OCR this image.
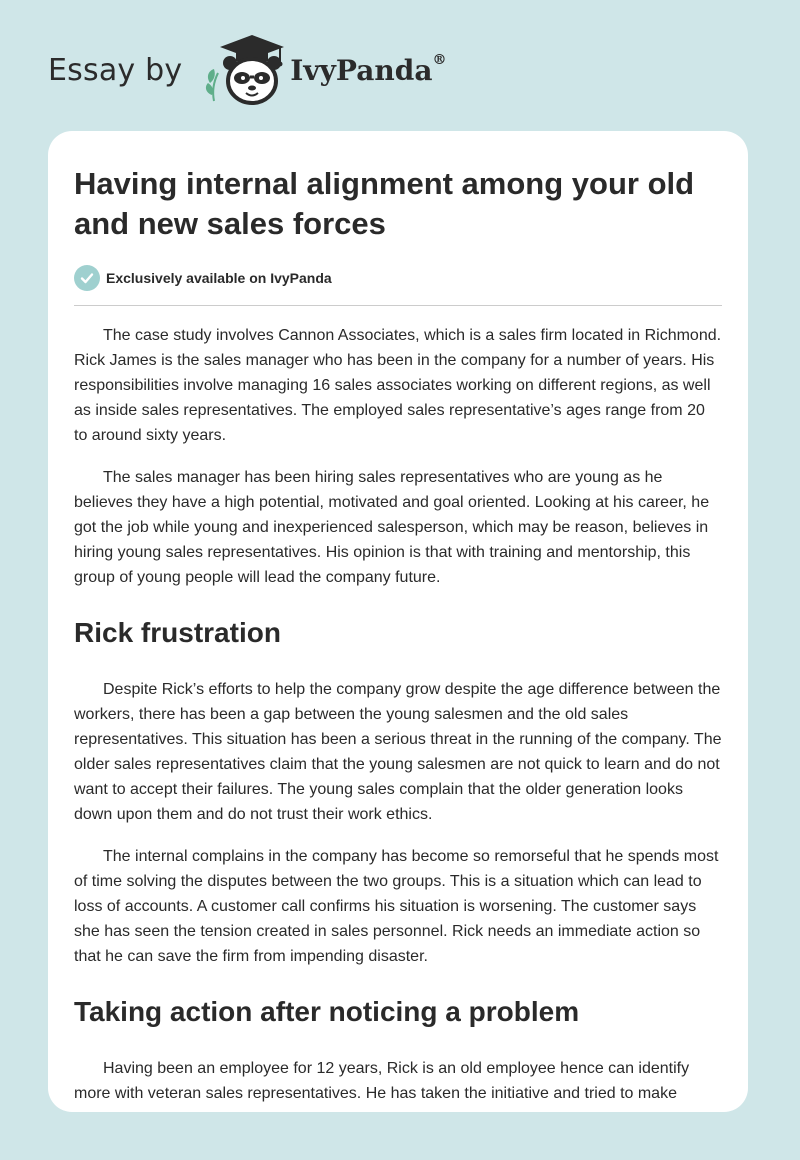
Essay by	IvyPanda®
Having internal alignment among your old and new sales forces
Exclusively available on IvyPanda

The case study involves Cannon Associates, which is a sales firm located in Richmond. Rick James is the sales manager who has been in the company for a number of years. His responsibilities involve managing 16 sales associates working on different regions, as well as inside sales representatives. The employed sales representative’s ages range from 20 to around sixty years.

The sales manager has been hiring sales representatives who are young as he believes they have a high potential, motivated and goal oriented. Looking at his career, he got the job while young and inexperienced salesperson, which may be reason, believes in hiring young sales representatives. His opinion is that with training and mentorship, this group of young people will lead the company future.

Rick frustration

Despite Rick’s efforts to help the company grow despite the age difference between the workers, there has been a gap between the young salesmen and the old sales representatives. This situation has been a serious threat in the running of the company. The older sales representatives claim that the young salesmen are not quick to learn and do not want to accept their failures. The young sales complain that the older generation looks down upon them and do not trust their work ethics.

The internal complains in the company has become so remorseful that he spends most of time solving the disputes between the two groups. This is a situation which can lead to loss of accounts. A customer call confirms his situation is worsening. The customer says she has seen the tension created in sales personnel. Rick needs an immediate action so that he can save the firm from impending disaster.

Taking action after noticing a problem

Having been an employee for 12 years, Rick is an old employee hence can identify more with veteran sales representatives. He has taken the initiative and tried to make
